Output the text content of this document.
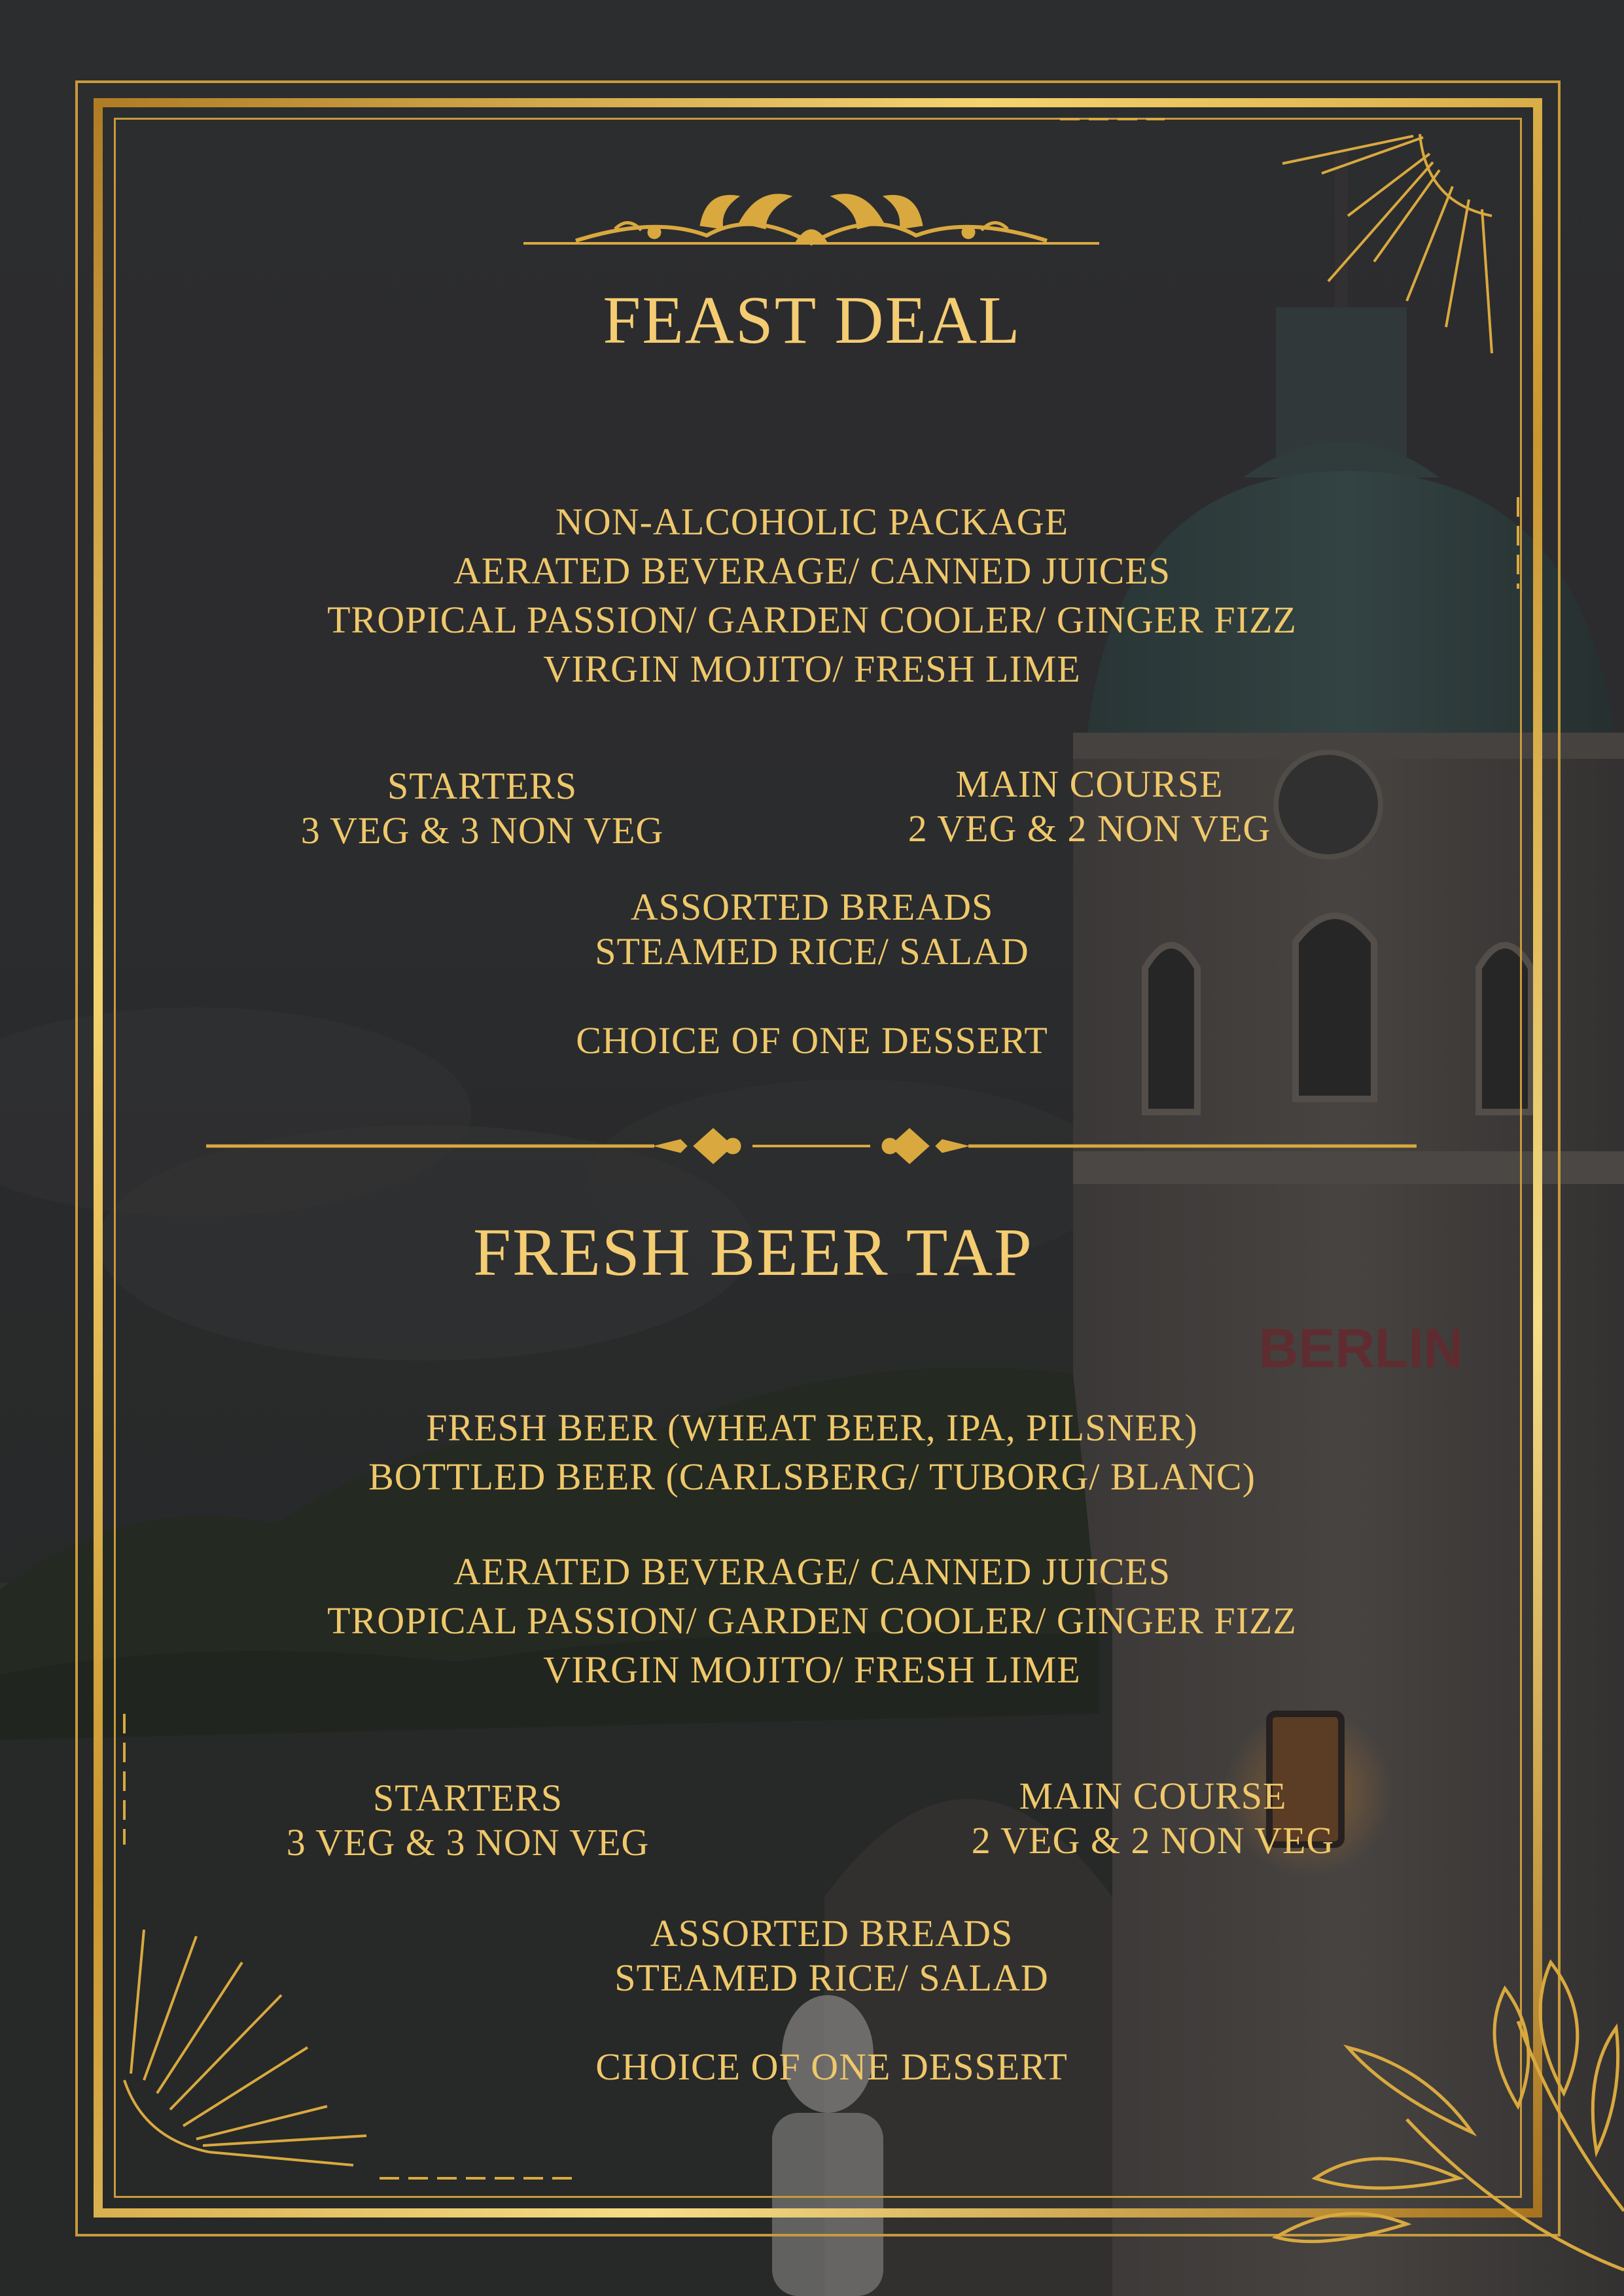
BERLIN
FEAST DEAL
NON-ALCOHOLIC PACKAGE
AERATED BEVERAGE/ CANNED JUICES
TROPICAL PASSION/ GARDEN COOLER/ GINGER FIZZ
VIRGIN MOJITO/ FRESH LIME
STARTERS
3 VEG & 3 NON VEG
MAIN COURSE
2 VEG & 2 NON VEG
ASSORTED BREADS
STEAMED RICE/ SALAD
CHOICE OF ONE DESSERT
FRESH BEER TAP
FRESH BEER (WHEAT BEER, IPA, PILSNER)
BOTTLED BEER (CARLSBERG/ TUBORG/ BLANC)
AERATED BEVERAGE/ CANNED JUICES
TROPICAL PASSION/ GARDEN COOLER/ GINGER FIZZ
VIRGIN MOJITO/ FRESH LIME
STARTERS
3 VEG & 3 NON VEG
MAIN COURSE
2 VEG & 2 NON VEG
ASSORTED BREADS
STEAMED RICE/ SALAD
CHOICE OF ONE DESSERT
